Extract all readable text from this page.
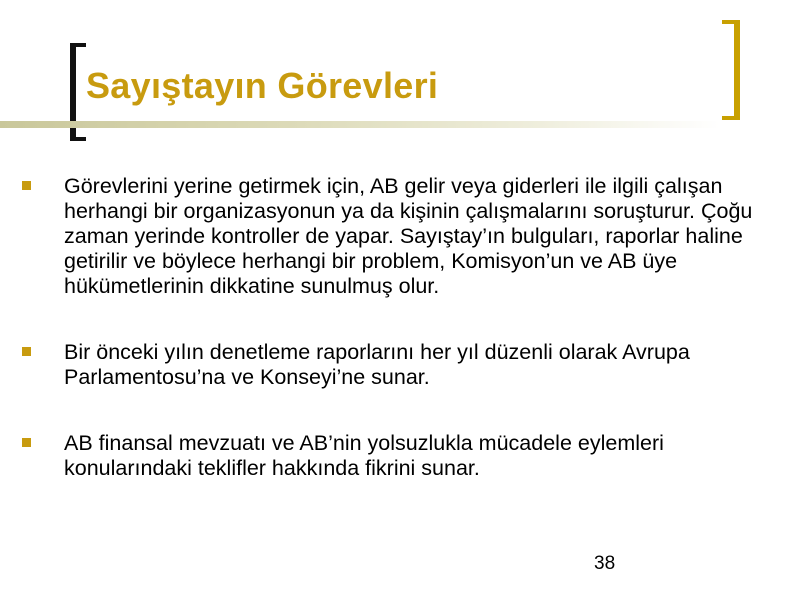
Sayıştayın Görevleri
Görevlerini yerine getirmek için, AB gelir veya giderleri ile ilgili çalışan herhangi bir organizasyonun ya da kişinin çalışmalarını soruşturur. Çoğu zaman yerinde kontroller de yapar. Sayıştay’ın bulguları, raporlar haline getirilir ve böylece herhangi bir problem, Komisyon’un ve AB üye hükümetlerinin dikkatine sunulmuş olur.
Bir önceki yılın denetleme raporlarını her yıl düzenli olarak Avrupa Parlamentosu’na ve Konseyi’ne sunar.
AB finansal mevzuatı ve AB’nin yolsuzlukla mücadele eylemleri konularındaki teklifler hakkında fikrini sunar.
38
